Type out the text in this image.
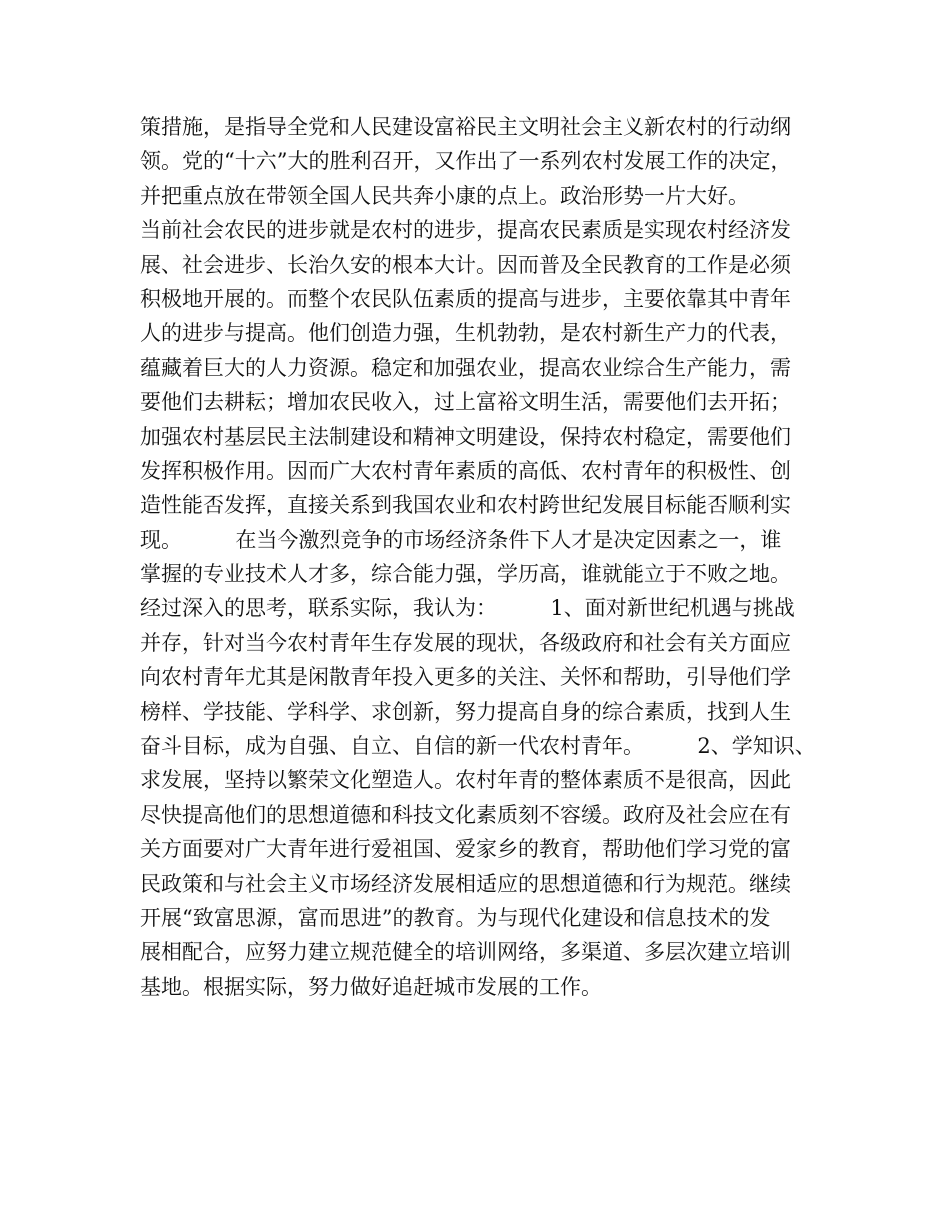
策措施，是指导全党和人民建设富裕民主文明社会主义新农村的行动纲
领。党的“十六”大的胜利召开，又作出了一系列农村发展工作的决定，
并把重点放在带领全国人民共奔小康的点上。政治形势一片大好。
当前社会农民的进步就是农村的进步，提高农民素质是实现农村经济发
展、社会进步、长治久安的根本大计。因而普及全民教育的工作是必须
积极地开展的。而整个农民队伍素质的提高与进步，主要依靠其中青年
人的进步与提高。他们创造力强，生机勃勃，是农村新生产力的代表，
蕴藏着巨大的人力资源。稳定和加强农业，提高农业综合生产能力，需
要他们去耕耘；增加农民收入，过上富裕文明生活，需要他们去开拓；
加强农村基层民主法制建设和精神文明建设，保持农村稳定，需要他们
发挥积极作用。因而广大农村青年素质的高低、农村青年的积极性、创
造性能否发挥，直接关系到我国农业和农村跨世纪发展目标能否顺利实
现。        在当今激烈竞争的市场经济条件下人才是决定因素之一，谁
掌握的专业技术人才多，综合能力强，学历高，谁就能立于不败之地。
经过深入的思考，联系实际，我认为：        1、面对新世纪机遇与挑战
并存，针对当今农村青年生存发展的现状，各级政府和社会有关方面应
向农村青年尤其是闲散青年投入更多的关注、关怀和帮助，引导他们学
榜样、学技能、学科学、求创新，努力提高自身的综合素质，找到人生
奋斗目标，成为自强、自立、自信的新一代农村青年。        2、学知识、
求发展，坚持以繁荣文化塑造人。农村年青的整体素质不是很高，因此
尽快提高他们的思想道德和科技文化素质刻不容缓。政府及社会应在有
关方面要对广大青年进行爱祖国、爱家乡的教育，帮助他们学习党的富
民政策和与社会主义市场经济发展相适应的思想道德和行为规范。继续
开展“致富思源，富而思进”的教育。为与现代化建设和信息技术的发
展相配合，应努力建立规范健全的培训网络，多渠道、多层次建立培训
基地。根据实际，努力做好追赶城市发展的工作。
